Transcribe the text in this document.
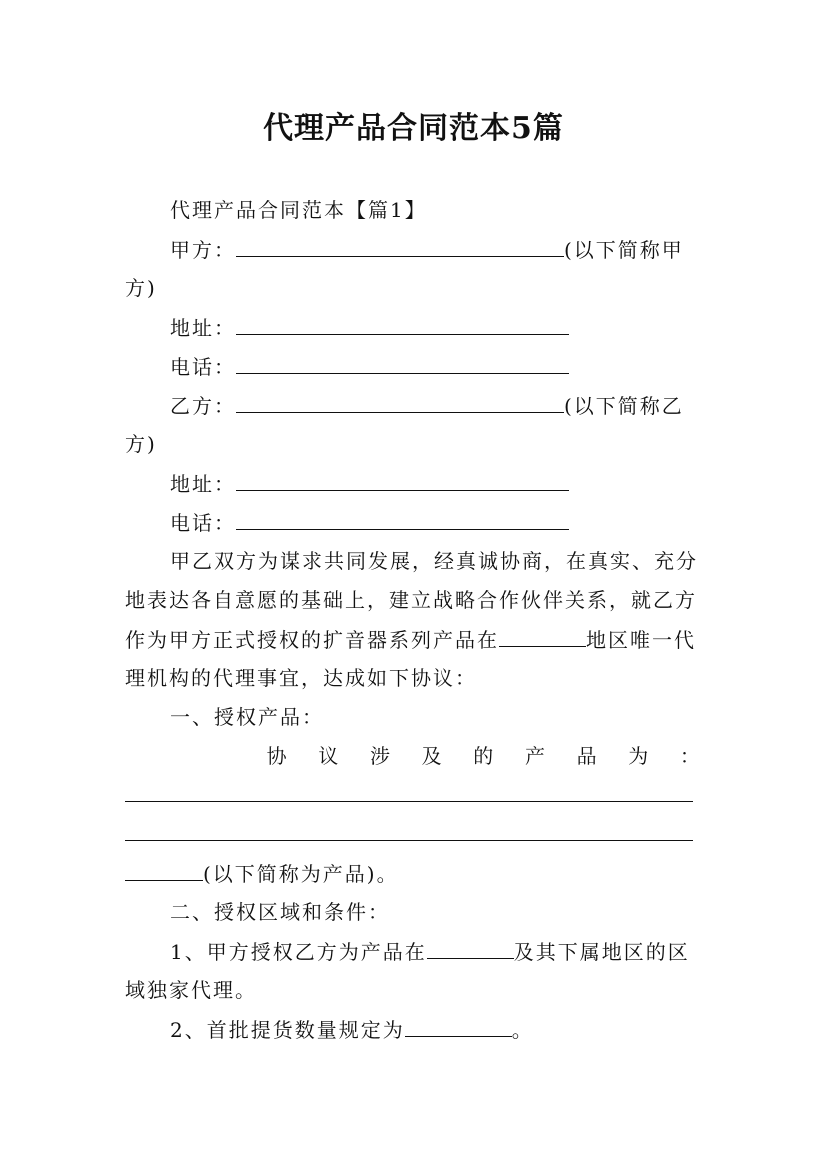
代理产品合同范本5篇
代理产品合同范本【篇1】
甲方：	(以下简称甲
方)
地址：
电话：
乙方：	(以下简称乙
方)
地址：
电话：
甲乙双方为谋求共同发展，经真诚协商，在真实、充分
地表达各自意愿的基础上，建立战略合作伙伴关系，就乙方
作为甲方正式授权的扩音器系列产品在	地区唯一代
理机构的代理事宜，达成如下协议：
一、授权产品：
协 议 涉 及 的 产 品 为 ：
(以下简称为产品)。
二、授权区域和条件：
1、甲方授权乙方为产品在	及其下属地区的区
域独家代理。
2、首批提货数量规定为	。
